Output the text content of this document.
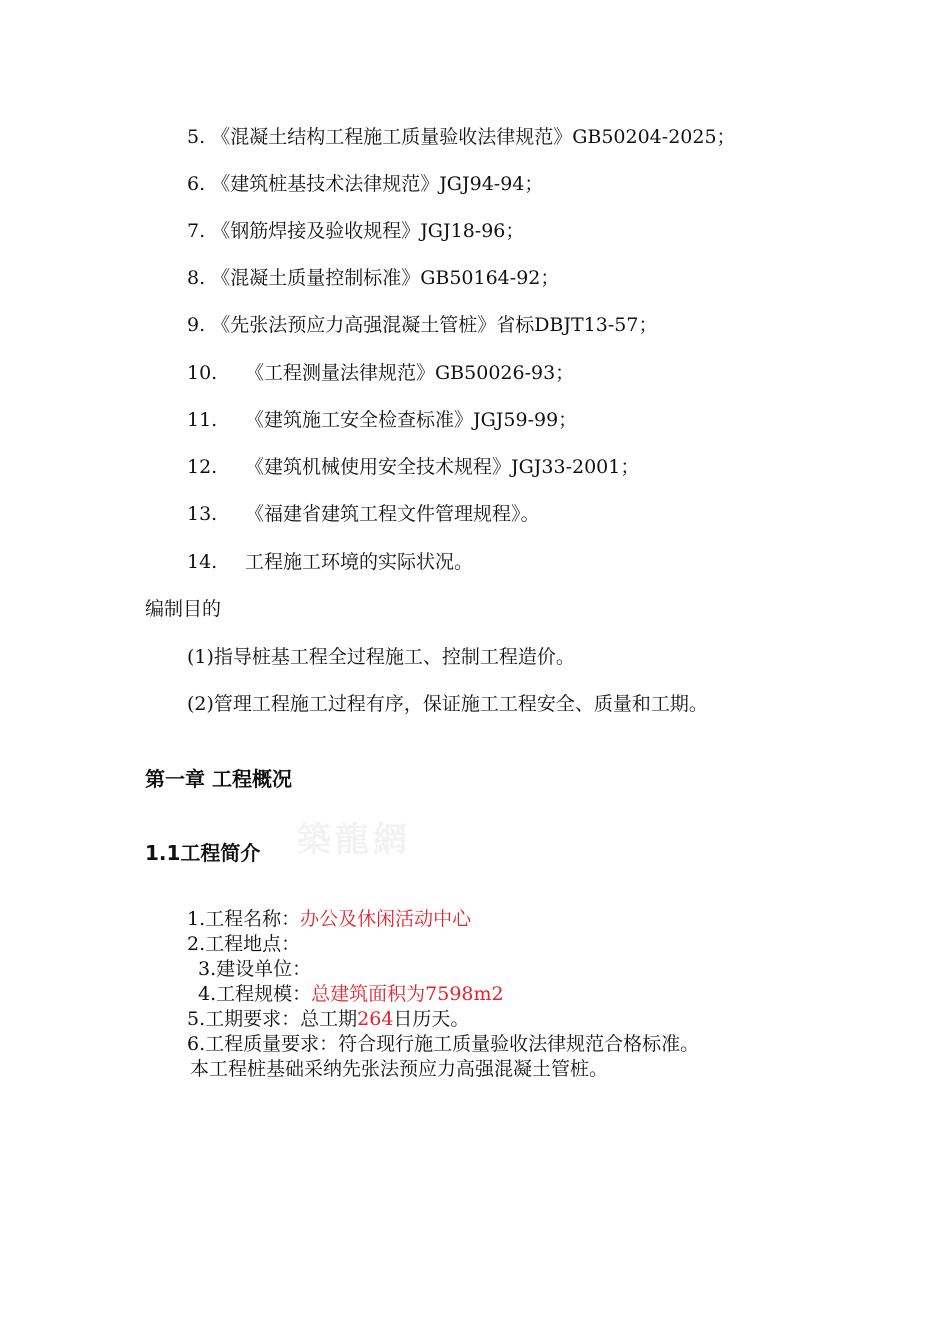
5. 《混凝土结构工程施工质量验收法律规范》GB50204-2025；
6. 《建筑桩基技术法律规范》JGJ94-94；
7. 《钢筋焊接及验收规程》JGJ18-96；
8. 《混凝土质量控制标准》GB50164-92；
9. 《先张法预应力高强混凝土管桩》省标DBJT13-57；
10. 《工程测量法律规范》GB50026-93；
11. 《建筑施工安全检查标准》JGJ59-99；
12. 《建筑机械使用安全技术规程》JGJ33-2001；
13. 《福建省建筑工程文件管理规程》。
14. 工程施工环境的实际状况。
编制目的
(1)指导桩基工程全过程施工、控制工程造价。
(2)管理工程施工过程有序，保证施工工程安全、质量和工期。
第一章 工程概况
築龍網
1.1工程简介
1.工程名称：办公及休闲活动中心
2.工程地点：
3.建设单位：
4.工程规模：总建筑面积为7598m2
5.工期要求：总工期264日历天。
6.工程质量要求：符合现行施工质量验收法律规范合格标准。
本工程桩基础采纳先张法预应力高强混凝土管桩。
